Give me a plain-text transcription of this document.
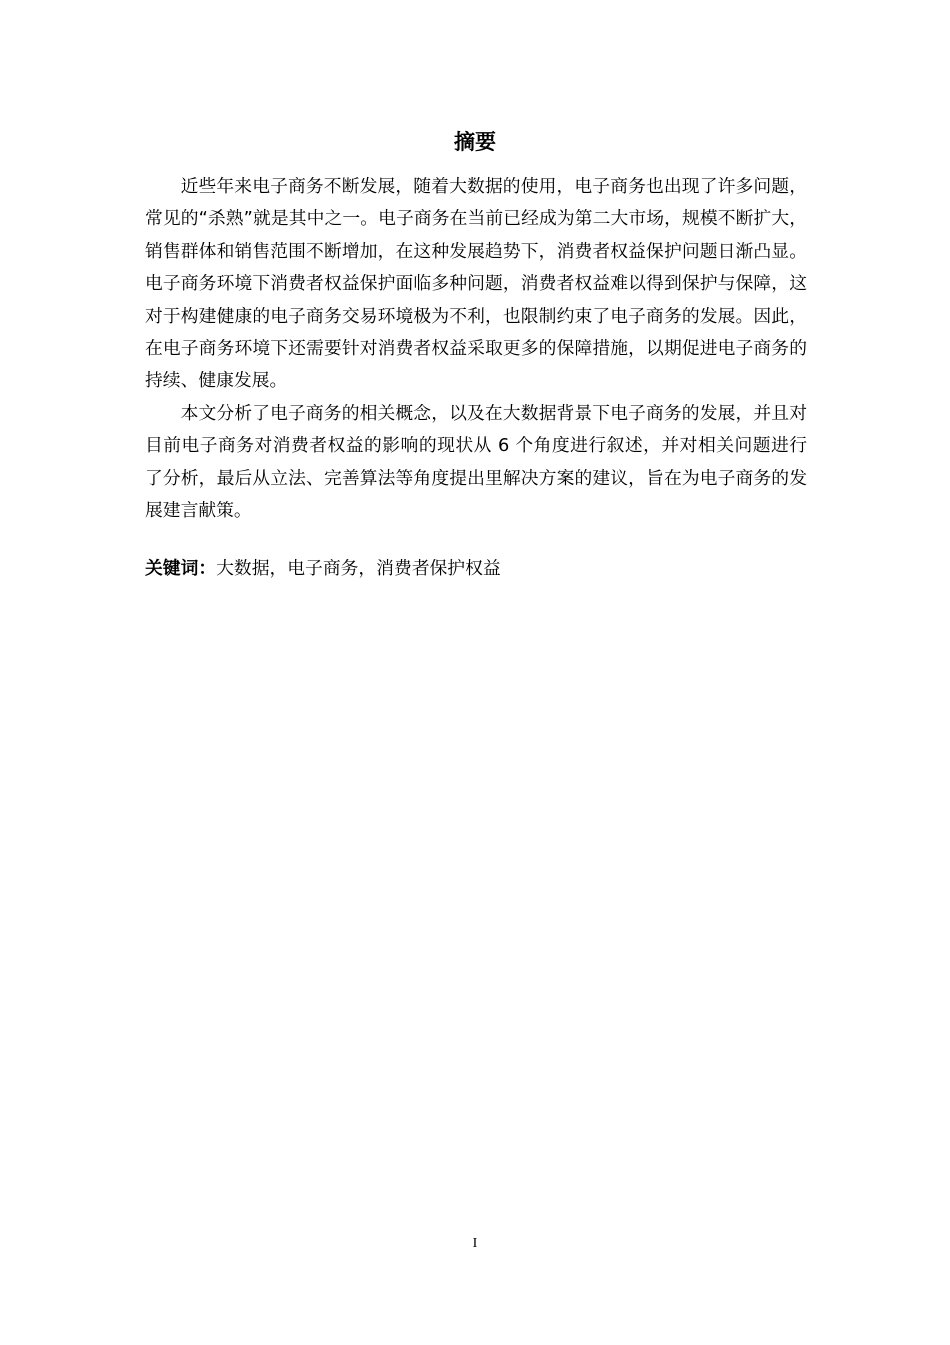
摘要

近些年来电子商务不断发展，随着大数据的使用，电子商务也出现了许多问题，常见的“杀熟”就是其中之一。电子商务在当前已经成为第二大市场，规模不断扩大，销售群体和销售范围不断增加，在这种发展趋势下，消费者权益保护问题日渐凸显。电子商务环境下消费者权益保护面临多种问题，消费者权益难以得到保护与保障，这对于构建健康的电子商务交易环境极为不利，也限制约束了电子商务的发展。因此，在电子商务环境下还需要针对消费者权益采取更多的保障措施，以期促进电子商务的持续、健康发展。

本文分析了电子商务的相关概念，以及在大数据背景下电子商务的发展，并且对目前电子商务对消费者权益的影响的现状从 6 个角度进行叙述，并对相关问题进行了分析，最后从立法、完善算法等角度提出里解决方案的建议，旨在为电子商务的发展建言献策。

关键词：大数据，电子商务，消费者保护权益
I
